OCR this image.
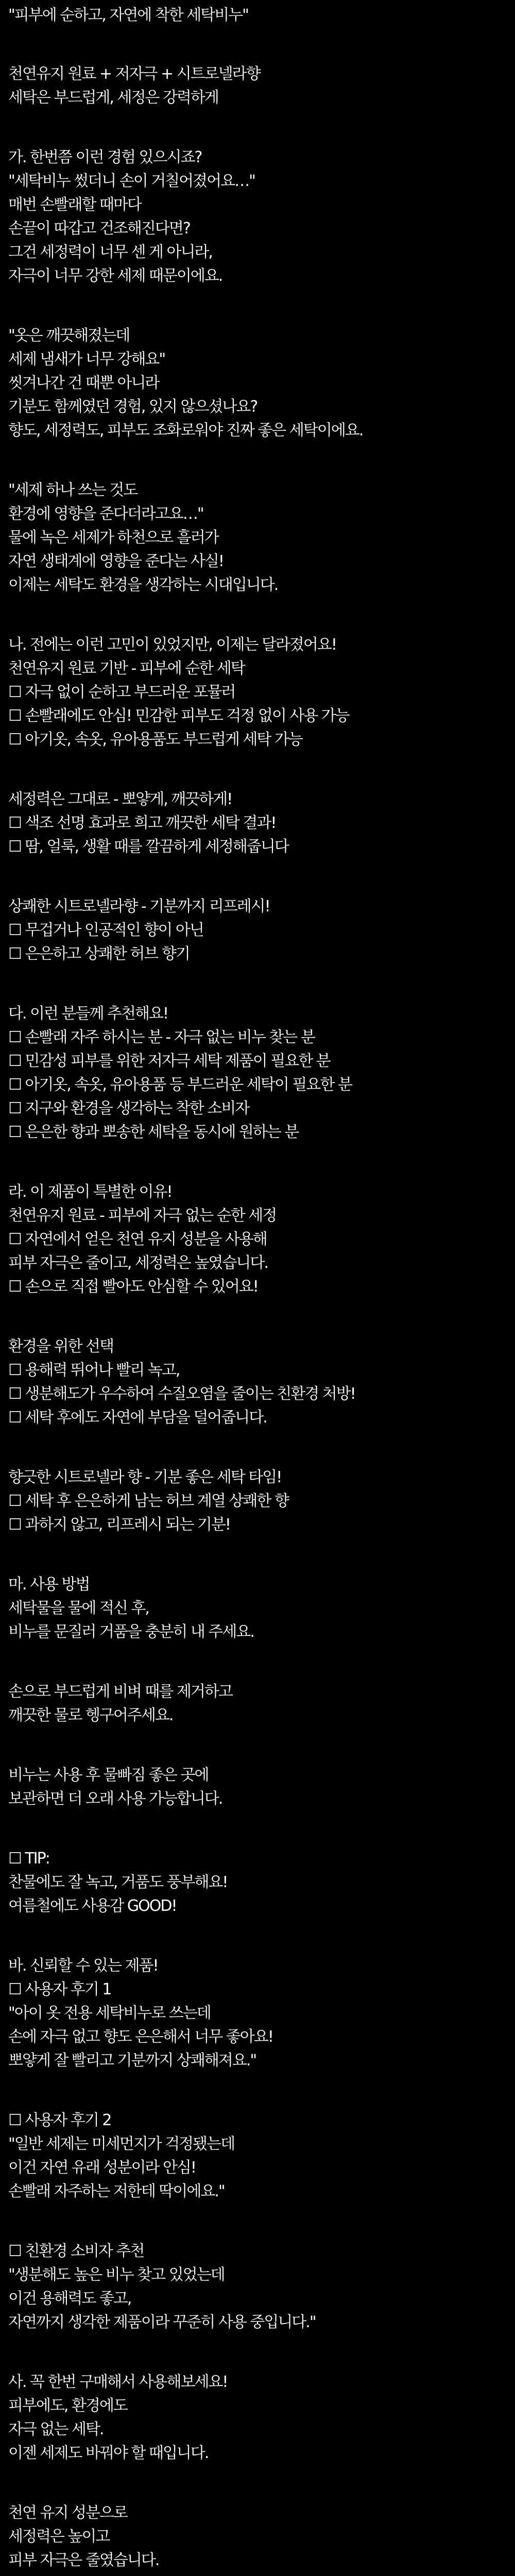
"피부에 순하고, 자연에 착한 세탁비누"
천연유지 원료 + 저자극 + 시트로넬라향
세탁은 부드럽게, 세정은 강력하게
가. 한번쯤 이런 경험 있으시죠?
"세탁비누 썼더니 손이 거칠어졌어요…"
매번 손빨래할 때마다
손끝이 따갑고 건조해진다면?
그건 세정력이 너무 센 게 아니라,
자극이 너무 강한 세제 때문이에요.
"옷은 깨끗해졌는데
세제 냄새가 너무 강해요"
씻겨나간 건 때뿐 아니라
기분도 함께였던 경험, 있지 않으셨나요?
향도, 세정력도, 피부도 조화로워야 진짜 좋은 세탁이에요.
"세제 하나 쓰는 것도
환경에 영향을 준다더라고요…"
물에 녹은 세제가 하천으로 흘러가
자연 생태계에 영향을 준다는 사실!
이제는 세탁도 환경을 생각하는 시대입니다.
나. 전에는 이런 고민이 있었지만, 이제는 달라졌어요!
천연유지 원료 기반 - 피부에 순한 세탁
☐ 자극 없이 순하고 부드러운 포뮬러
☐ 손빨래에도 안심! 민감한 피부도 걱정 없이 사용 가능
☐ 아기옷, 속옷, 유아용품도 부드럽게 세탁 가능
세정력은 그대로 - 뽀얗게, 깨끗하게!
☐ 색조 선명 효과로 희고 깨끗한 세탁 결과!
☐ 땀, 얼룩, 생활 때를 깔끔하게 세정해줍니다
상쾌한 시트로넬라향 - 기분까지 리프레시!
☐ 무겁거나 인공적인 향이 아닌
☐ 은은하고 상쾌한 허브 향기
다. 이런 분들께 추천해요!
☐ 손빨래 자주 하시는 분 - 자극 없는 비누 찾는 분
☐ 민감성 피부를 위한 저자극 세탁 제품이 필요한 분
☐ 아기옷, 속옷, 유아용품 등 부드러운 세탁이 필요한 분
☐ 지구와 환경을 생각하는 착한 소비자
☐ 은은한 향과 뽀송한 세탁을 동시에 원하는 분
라. 이 제품이 특별한 이유!
천연유지 원료 - 피부에 자극 없는 순한 세정
☐ 자연에서 얻은 천연 유지 성분을 사용해
피부 자극은 줄이고, 세정력은 높였습니다.
☐ 손으로 직접 빨아도 안심할 수 있어요!
환경을 위한 선택
☐ 용해력 뛰어나 빨리 녹고,
☐ 생분해도가 우수하여 수질오염을 줄이는 친환경 처방!
☐ 세탁 후에도 자연에 부담을 덜어줍니다.
향긋한 시트로넬라 향 - 기분 좋은 세탁 타임!
☐ 세탁 후 은은하게 남는 허브 계열 상쾌한 향
☐ 과하지 않고, 리프레시 되는 기분!
마. 사용 방법
세탁물을 물에 적신 후,
비누를 문질러 거품을 충분히 내 주세요.
손으로 부드럽게 비벼 때를 제거하고
깨끗한 물로 헹구어주세요.
비누는 사용 후 물빠짐 좋은 곳에
보관하면 더 오래 사용 가능합니다.
☐ TIP:
찬물에도 잘 녹고, 거품도 풍부해요!
여름철에도 사용감 GOOD!
바. 신뢰할 수 있는 제품!
☐ 사용자 후기 1
"아이 옷 전용 세탁비누로 쓰는데
손에 자극 없고 향도 은은해서 너무 좋아요!
뽀얗게 잘 빨리고 기분까지 상쾌해져요."
☐ 사용자 후기 2
"일반 세제는 미세먼지가 걱정됐는데
이건 자연 유래 성분이라 안심!
손빨래 자주하는 저한테 딱이에요."
☐ 친환경 소비자 추천
"생분해도 높은 비누 찾고 있었는데
이건 용해력도 좋고,
자연까지 생각한 제품이라 꾸준히 사용 중입니다."
사. 꼭 한번 구매해서 사용해보세요!
피부에도, 환경에도
자극 없는 세탁.
이젠 세제도 바꿔야 할 때입니다.
천연 유지 성분으로
세정력은 높이고
피부 자극은 줄였습니다.
